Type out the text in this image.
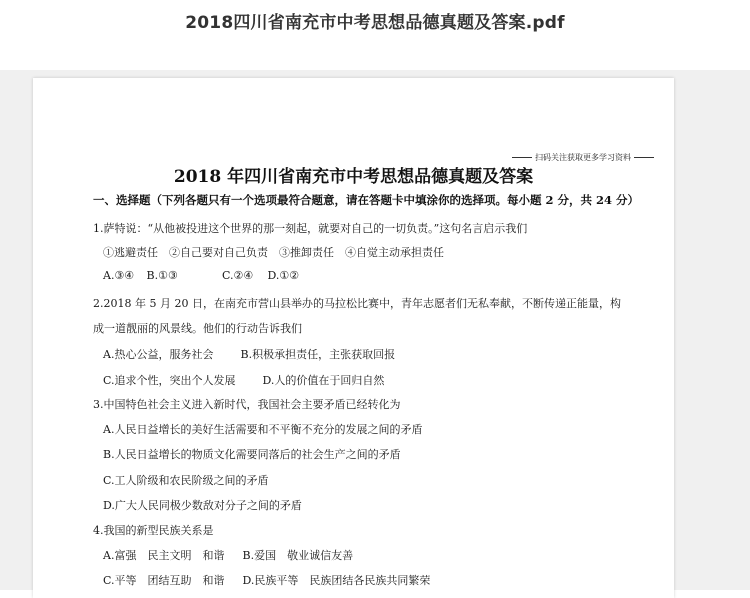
2018四川省南充市中考思想品德真题及答案.pdf
扫码关注获取更多学习资料
2018 年四川省南充市中考思想品德真题及答案
一、选择题（下列各题只有一个选项最符合题意，请在答题卡中填涂你的选择项。每小题 2 分，共 24 分）
1.萨特说：“从他被投进这个世界的那一刻起，就要对自己的一切负责。”这句名言启示我们
①逃避责任　②自己要对自己负责　③推卸责任　④自觉主动承担责任
A.③④ B.①③	C.②④ D.①②
2.2018 年 5 月 20 日，在南充市营山县举办的马拉松比赛中，青年志愿者们无私奉献，不断传递正能量，构
成一道靓丽的风景线。他们的行动告诉我们
A.热心公益，服务社会 B.积极承担责任，主张获取回报
C.追求个性，突出个人发展 D.人的价值在于回归自然
3.中国特色社会主义进入新时代，我国社会主要矛盾已经转化为
A.人民日益增长的美好生活需要和不平衡不充分的发展之间的矛盾
B.人民日益增长的物质文化需要同落后的社会生产之间的矛盾
C.工人阶级和农民阶级之间的矛盾
D.广大人民同极少数敌对分子之间的矛盾
4.我国的新型民族关系是
A.富强　民主文明　和谐 B.爱国　敬业诚信友善
C.平等　团结互助　和谐 D.民族平等　民族团结各民族共同繁荣
